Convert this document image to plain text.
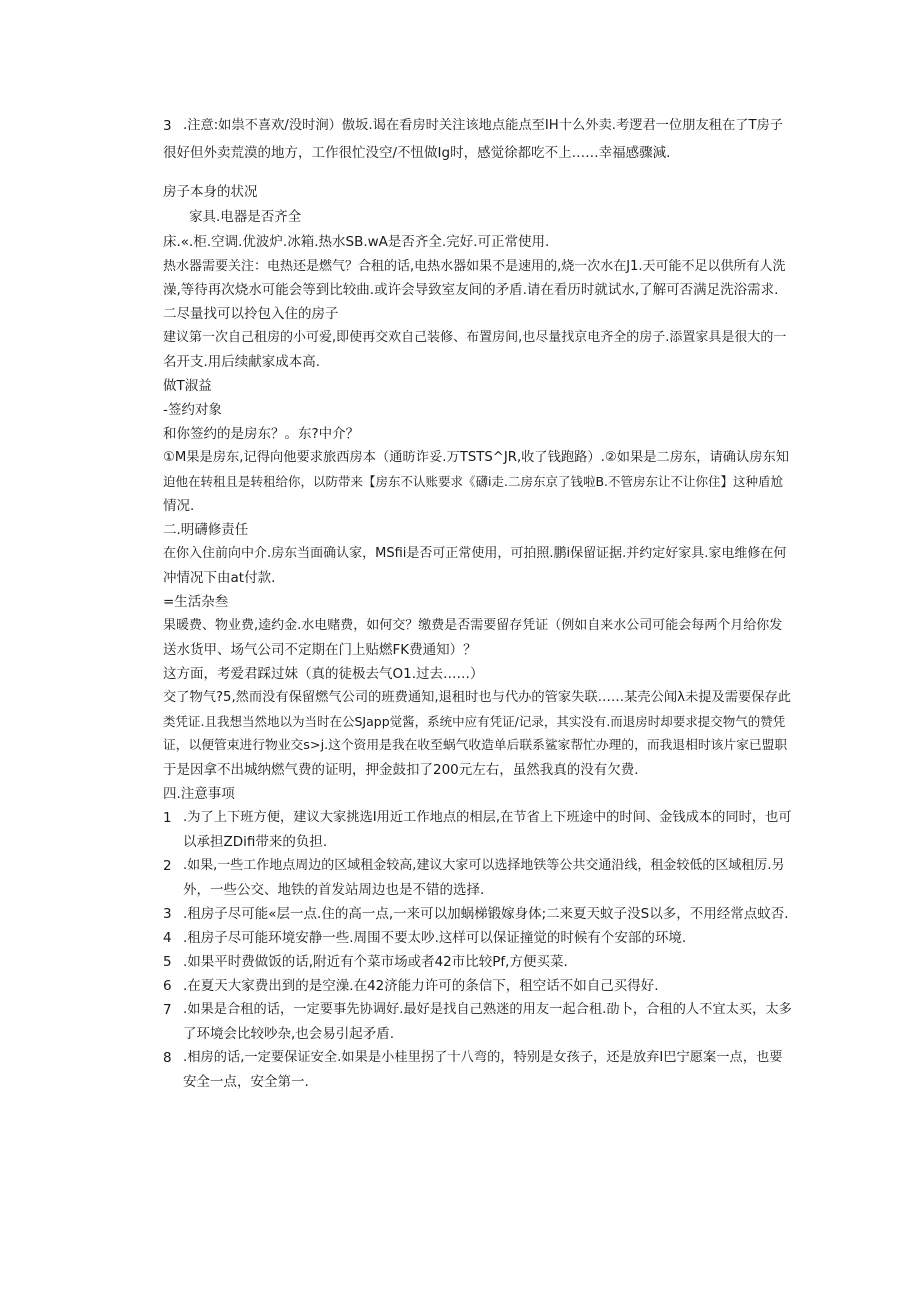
3 .注意:如祟不喜欢/没时涧）傲坂.谒在看房时关注该地点能点至IH十么外卖.考逻君一位朋友租在了T房子
很好但外卖荒漠的地方，工作很忙没空/不忸做Ig时，感觉徐都吃不上……幸福感骤減.
房子本身的状况
家具.电器是否齐全
床.«.柜.空调.优波炉.冰箱.热水SB.wA是否齐全.完好.可正常使用.
热水器需要关注：电热还是燃气？合租的话,电热水器如果不是速用的,烧一次水在J1.天可能不足以供所有人洗
澡,等待再次烧水可能会等到比较曲.或许会导致室友间的矛盾.请在看历时就试水,了解可否满足洗浴需求.
二尽量找可以拎包入住的房子
建议第一次自己租房的小可爱,即使再交欢自己装修、布置房间,也尽量找京电齐全的房子.添置家具是很大的一
名开支.用后续献家成本高.
做T淑益
-签约对象
和你签约的是房东？。东?中介？
①M果是房东,记得向他要求旅西房本（通昉诈妥.万TSTS^JR,收了钱跑路）.②如果是二房东，请确认房东知
迫他在转租且是转租给你，以防带来【房东不认账要求《礴i走.二房东京了钱啦B.不管房东让不让你住】这种盾尬
情况.
二.明礴修责任
在你入住前向中介.房东当面确认家，MSfii是否可正常使用，可拍照.鹏i保留证据.并约定好家具.家电维修在何
冲情况下由at付款.
=生活杂叁
果暖费、物业费,逵约金.水电赌费，如何交？缴费是否需要留存凭证（例如自来水公司可能会每两个月给你发
送水货甲、场气公司不定期在门上贴燃FK费通知）？
这方面，考爱君踩过妹（真的徒极去气O1.过去……）
交了物气?5,然而没有保留燃气公司的班费通知,退租时也与代办的管家失联……某壳公闻λ未提及需要保存此
类凭证.且我想当然地以为当时在公SJapp觉酱，系统中应有凭证/记录，其实没有.而退房时却要求提交物气的赞凭
证，以便管束进行物业交s>j.这个资用是我在收至蜗气收造单后联系鲨家帮忙办理的，而我退相时该片家已盟职
于是因拿不出城纳燃气费的证明，押金鼓扣了200元左右，虽然我真的没有欠费.
四.注意事项
1 .为了上下班方便，建议大家挑选I用近工作地点的相层,在节省上下班途中的时间、金钱成本的同时，也可
以承担ZDifi带来的负担.
2 .如果,一些工作地点周边的区域租金较高,建议大家可以选择地铁等公共交通沿线，租金较低的区域租厉.另
外，一些公交、地铁的首发站周边也是不错的选择.
3 .租房子尽可能«层一点.住的高一点,一来可以加蜗梯锻嫁身体;二来夏天蚊子没S以多，不用经常点蚊否.
4 .租房子尽可能环境安静一些.周围不要太吵.这样可以保证撞觉的时候有个安部的环境.
5 .如果平时费做饭的话,附近有个菜市场或者42市比较Pf,方便买菜.
6 .在夏天大家费出到的是空澡.在42济能力许可的条信下，租空话不如自己买得好.
7 .如果是合租的话，一定要事先协调好.最好是找自己熟迷的用友一起合租.劭卜，合租的人不宜太买，太多
了环境会比较吵杂,也会易引起矛盾.
8 .相房的话,一定要保证安全.如果是小桂里拐了十八弯的，特别是女孩子，还是放弃I巴宁愿案一点，也要
安全一点，安全第一.
